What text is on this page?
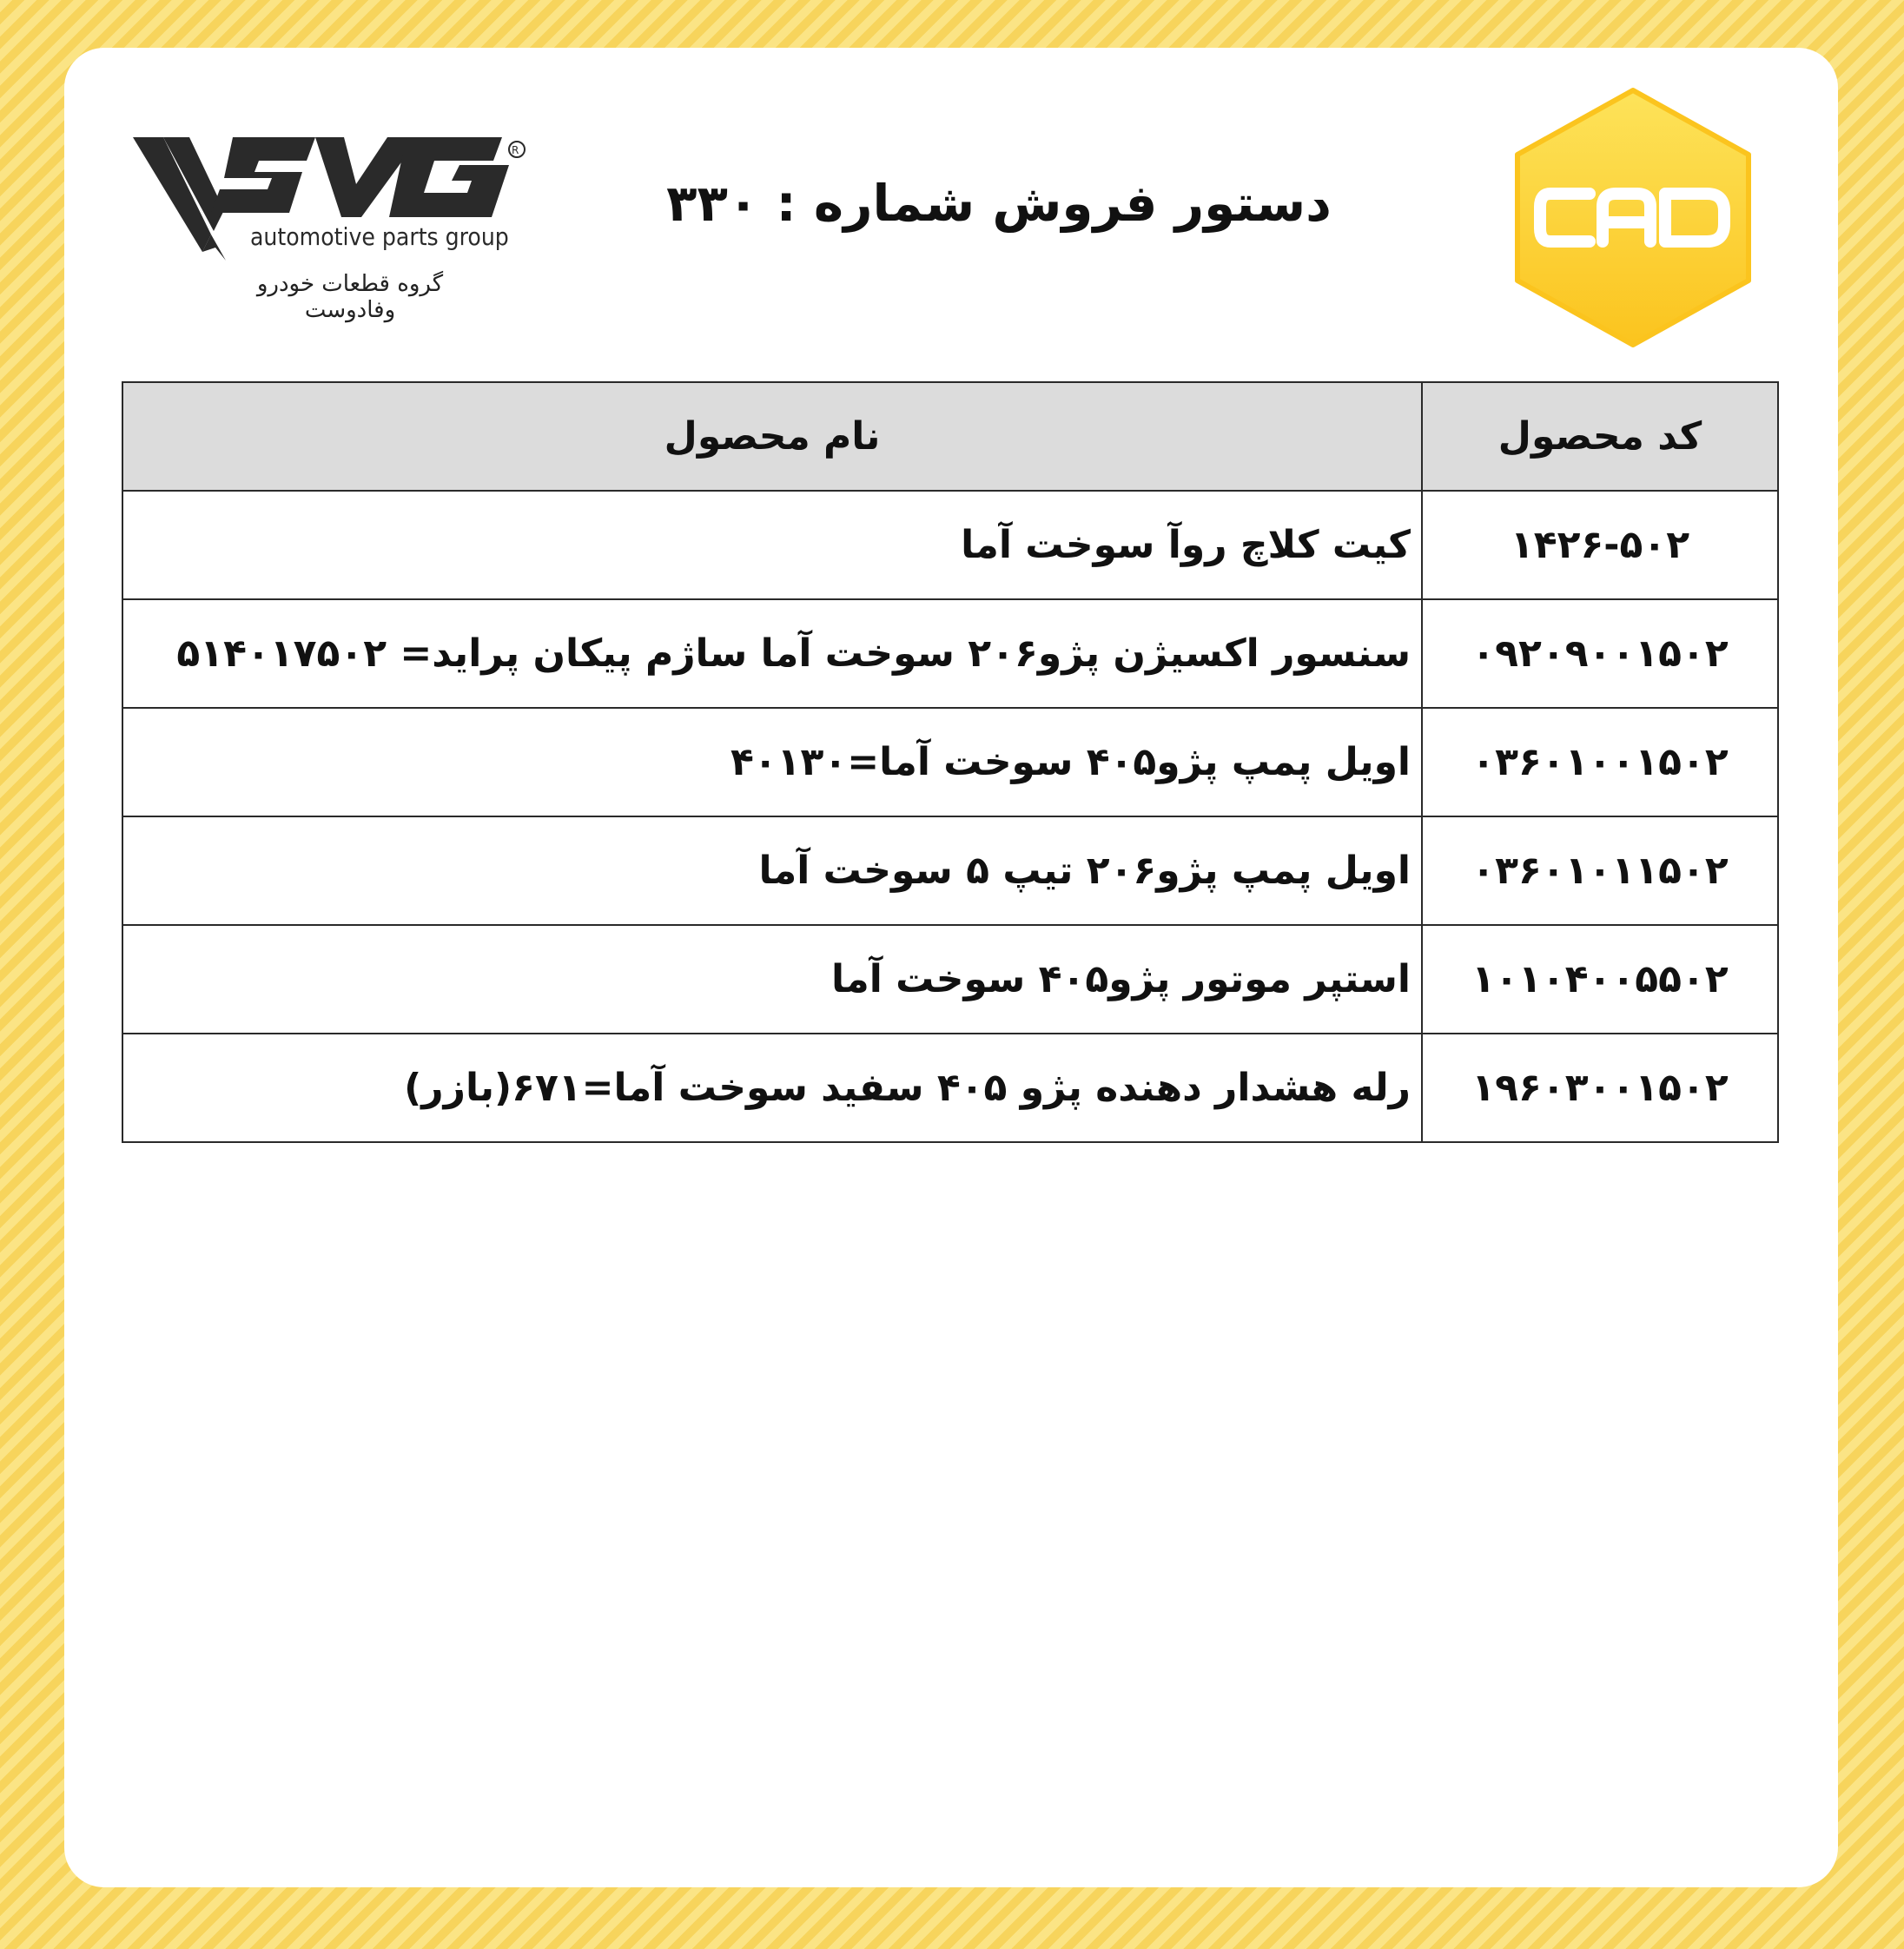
R
automotive parts group

گروه قطعات خودرو وفادوست

دستور فروش شماره : ۳۳۰
CAD
کد محصول	نام محصول
۱۴۲۶-۵۰۲	کیت کلاچ روآ سوخت آما
۰۹۲۰۹۰۰۱۵۰۲	سنسور اکسیژن پژو۲۰۶ سوخت آما ساژم پیکان پراید= ۵۱۴۰۱۷۵۰۲
۰۳۶۰۱۰۰۱۵۰۲	اویل پمپ پژو۴۰۵ سوخت آما=۴۰۱۳۰
۰۳۶۰۱۰۱۱۵۰۲	اویل پمپ پژو۲۰۶ تیپ ۵ سوخت آما
۱۰۱۰۴۰۰۵۵۰۲	استپر موتور پژو۴۰۵ سوخت آما
۱۹۶۰۳۰۰۱۵۰۲	رله هشدار دهنده پژو ۴۰۵ سفید سوخت آما=۶۷۱(بازر)
